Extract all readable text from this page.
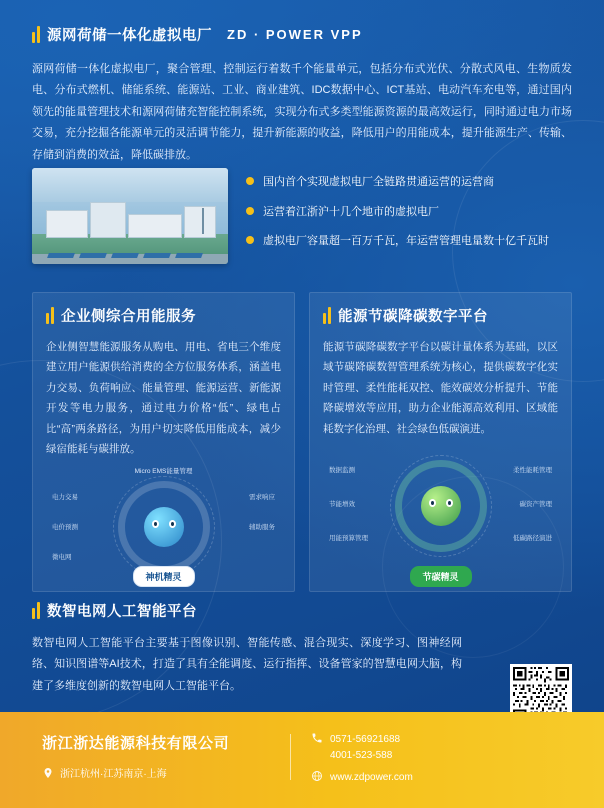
源网荷储一体化虚拟电厂 ZD · POWER VPP

源网荷储一体化虚拟电厂，聚合管理、控制运行着数千个能量单元，包括分布式光伏、分散式风电、生物质发电、分布式燃机、储能系统、能源站、工业、商业建筑、IDC数据中心、ICT基站、电动汽车充电等，通过国内领先的能量管理技术和源网荷储充智能控制系统，实现分布式多类型能源资源的最高效运行，同时通过电力市场交易，充分挖掘各能源单元的灵活调节能力，提升新能源的收益，降低用户的用能成本，提升能源生产、传输、存储到消费的效益，降低碳排放。

国内首个实现虚拟电厂全链路贯通运营的运营商
运营着江浙沪十几个地市的虚拟电厂
虚拟电厂容量超一百万千瓦，年运营管理电量数十亿千瓦时
企业侧综合用能服务

企业侧智慧能源服务从购电、用电、省电三个维度建立用户能源供给消费的全方位服务体系，涵盖电力交易、负荷响应、能量管理、能源运营、新能源开发等电力服务，通过电力价格“低”、绿电占比“高”两条路径，为用户切实降低用能成本，减少绿宿能耗与碳排放。

Micro EMS能量管理
电力交易
电价预测
需求响应
辅助服务
微电网
神机精灵
能源节碳降碳数字平台

能源节碳降碳数字平台以碳计量体系为基础，以区域节碳降碳数智管理系统为核心，提供碳数字化实时管理、柔性能耗双控、能效碳效分析提升、节能降碳增效等应用，助力企业能源高效利用、区域能耗数字化治理、社会绿色低碳演进。

数据监测	柔性能耗管理
节能增效	碳资产管理
用能预算管理	低碳路径演进
节碳精灵
数智电网人工智能平台

数智电网人工智能平台主要基于图像识别、智能传感、混合现实、深度学习、图神经网络、知识图谱等AI技术，打造了具有全能调度、运行指挥、设备管家的智慧电网大脑，构建了多维度创新的数智电网人工智能平台。

浙江浙达能源科技有限公司
浙江杭州·江苏南京·上海
0571-56921688
4001-523-588
www.zdpower.com
